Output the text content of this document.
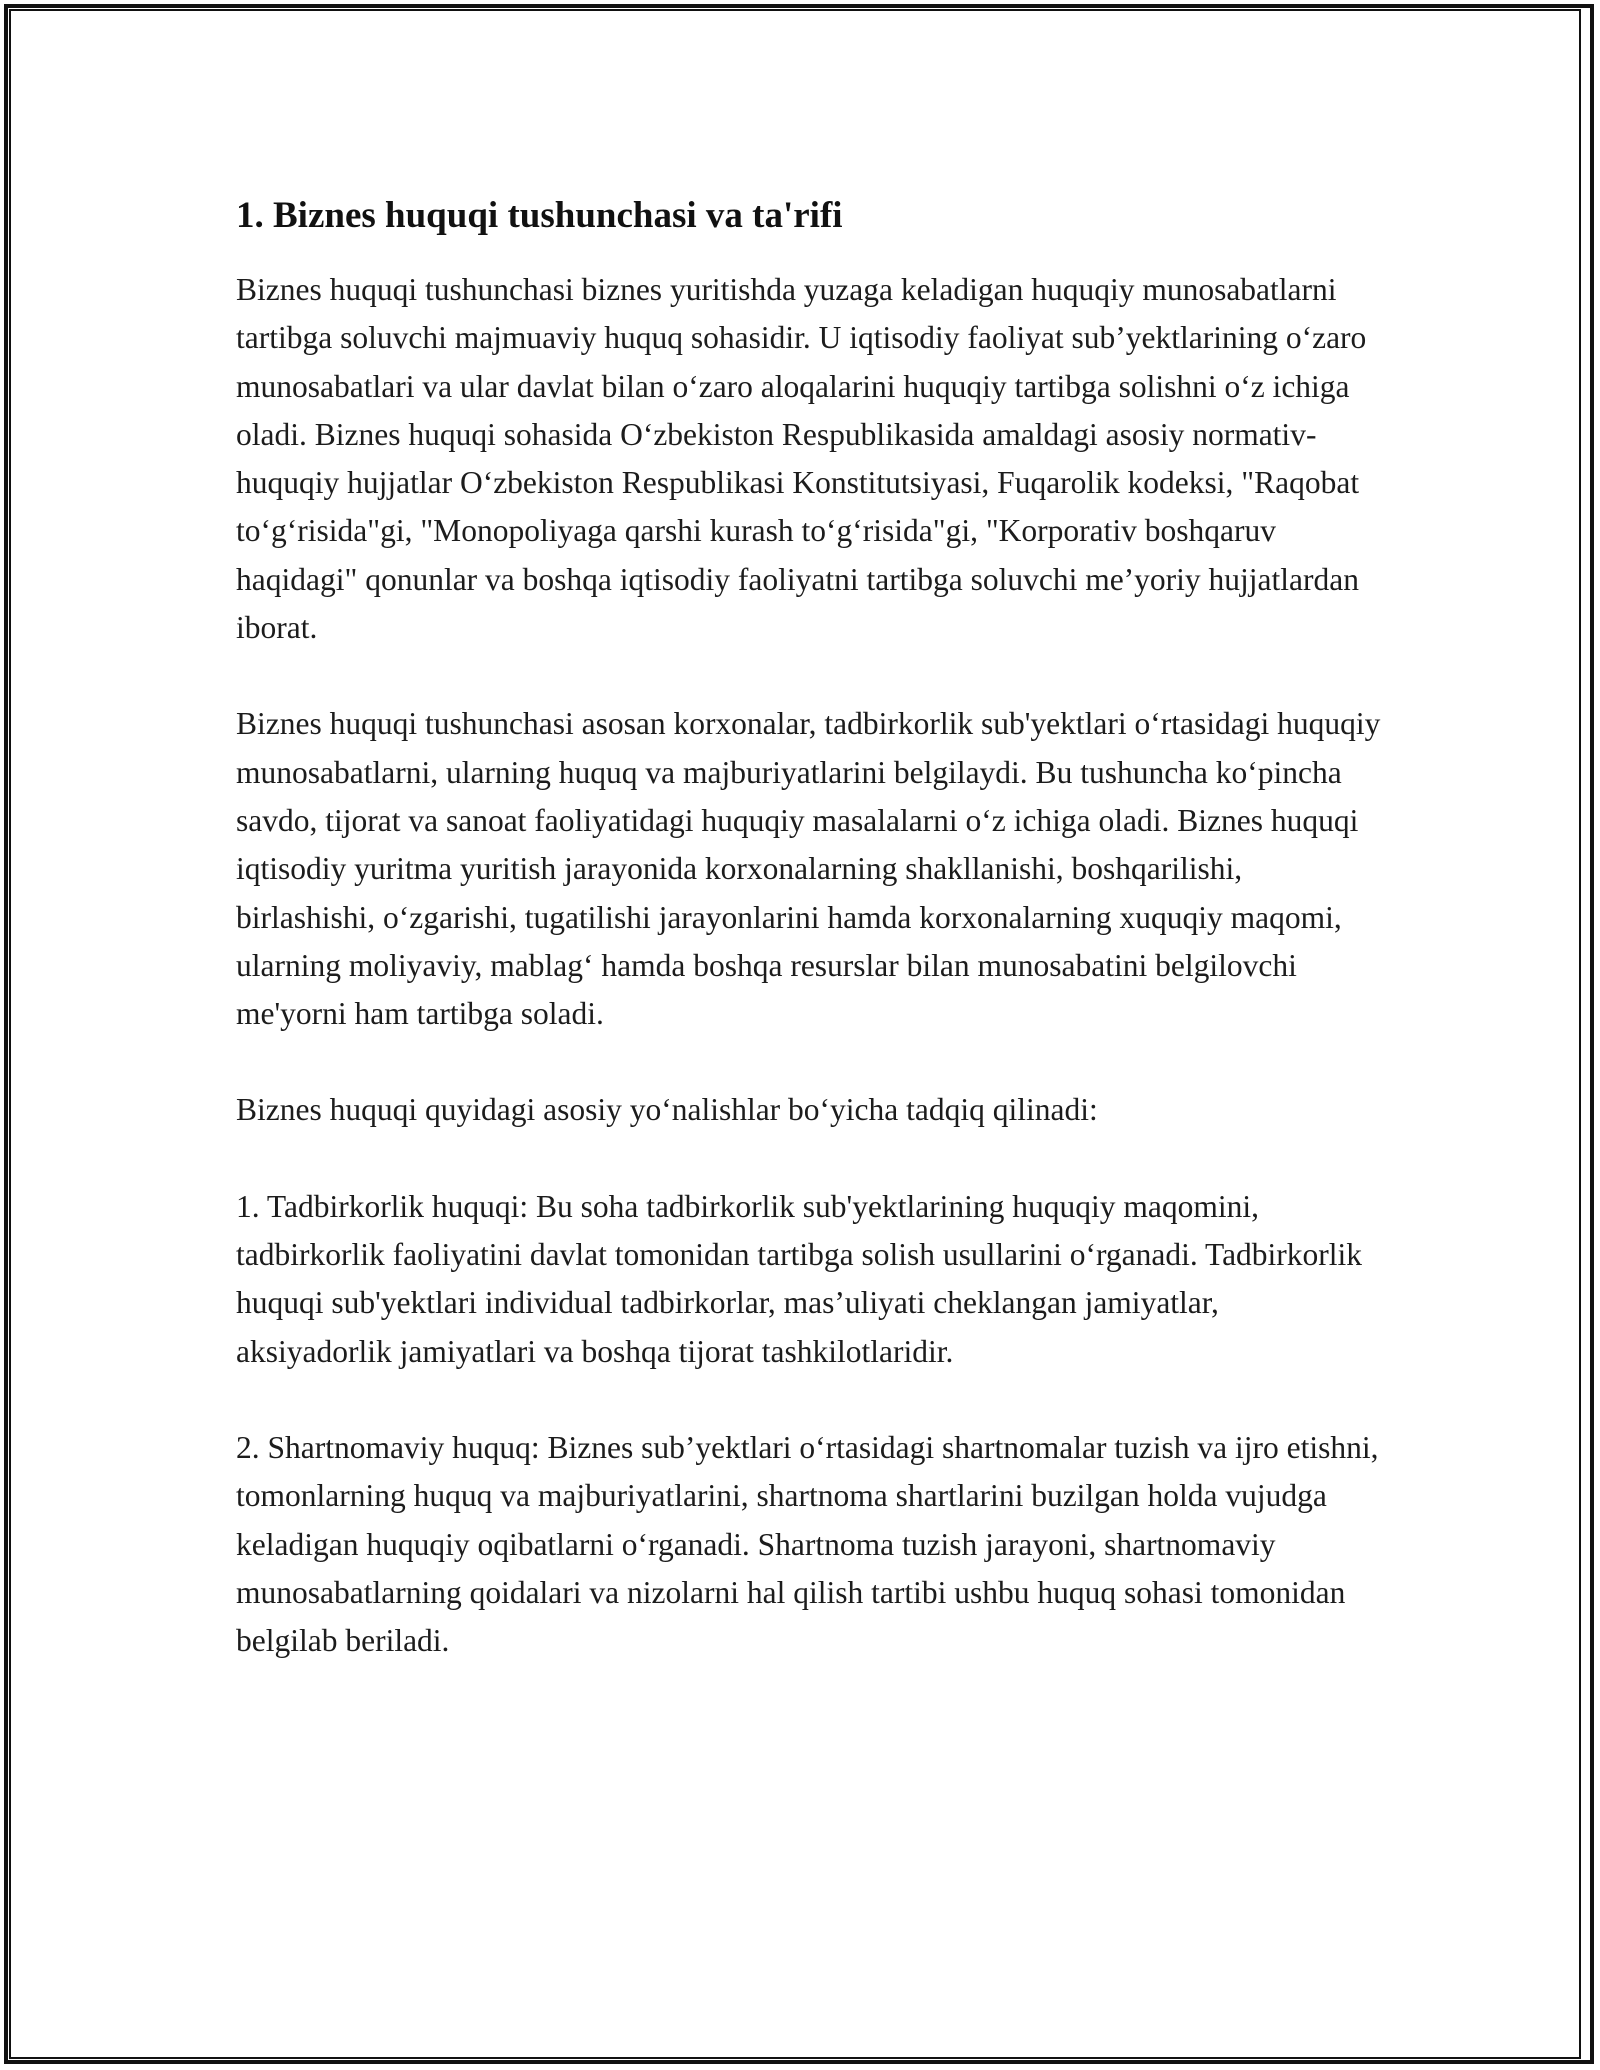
1. Biznes huquqi tushunchasi va ta'rifi

Biznes huquqi tushunchasi biznes yuritishda yuzaga keladigan huquqiy munosabatlarni tartibga soluvchi majmuaviy huquq sohasidir. U iqtisodiy faoliyat sub’yektlarining o‘zaro munosabatlari va ular davlat bilan o‘zaro aloqalarini huquqiy tartibga solishni o‘z ichiga oladi. Biznes huquqi sohasida O‘zbekiston Respublikasida amaldagi asosiy normativ-huquqiy hujjatlar O‘zbekiston Respublikasi Konstitutsiyasi, Fuqarolik kodeksi, "Raqobat to‘g‘risida"gi, "Monopoliyaga qarshi kurash to‘g‘risida"gi, "Korporativ boshqaruv haqidagi" qonunlar va boshqa iqtisodiy faoliyatni tartibga soluvchi me’yoriy hujjatlardan iborat.

Biznes huquqi tushunchasi asosan korxonalar, tadbirkorlik sub'yektlari o‘rtasidagi huquqiy munosabatlarni, ularning huquq va majburiyatlarini belgilaydi. Bu tushuncha ko‘pincha savdo, tijorat va sanoat faoliyatidagi huquqiy masalalarni o‘z ichiga oladi. Biznes huquqi iqtisodiy yuritma yuritish jarayonida korxonalarning shakllanishi, boshqarilishi, birlashishi, o‘zgarishi, tugatilishi jarayonlarini hamda korxonalarning xuquqiy maqomi, ularning moliyaviy, mablag‘ hamda boshqa resurslar bilan munosabatini belgilovchi me'yorni ham tartibga soladi.

Biznes huquqi quyidagi asosiy yo‘nalishlar bo‘yicha tadqiq qilinadi:

1. Tadbirkorlik huquqi: Bu soha tadbirkorlik sub'yektlarining huquqiy maqomini, tadbirkorlik faoliyatini davlat tomonidan tartibga solish usullarini o‘rganadi. Tadbirkorlik huquqi sub'yektlari individual tadbirkorlar, mas’uliyati cheklangan jamiyatlar, aksiyadorlik jamiyatlari va boshqa tijorat tashkilotlaridir.

2. Shartnomaviy huquq: Biznes sub’yektlari o‘rtasidagi shartnomalar tuzish va ijro etishni, tomonlarning huquq va majburiyatlarini, shartnoma shartlarini buzilgan holda vujudga keladigan huquqiy oqibatlarni o‘rganadi. Shartnoma tuzish jarayoni, shartnomaviy munosabatlarning qoidalari va nizolarni hal qilish tartibi ushbu huquq sohasi tomonidan belgilab beriladi.
